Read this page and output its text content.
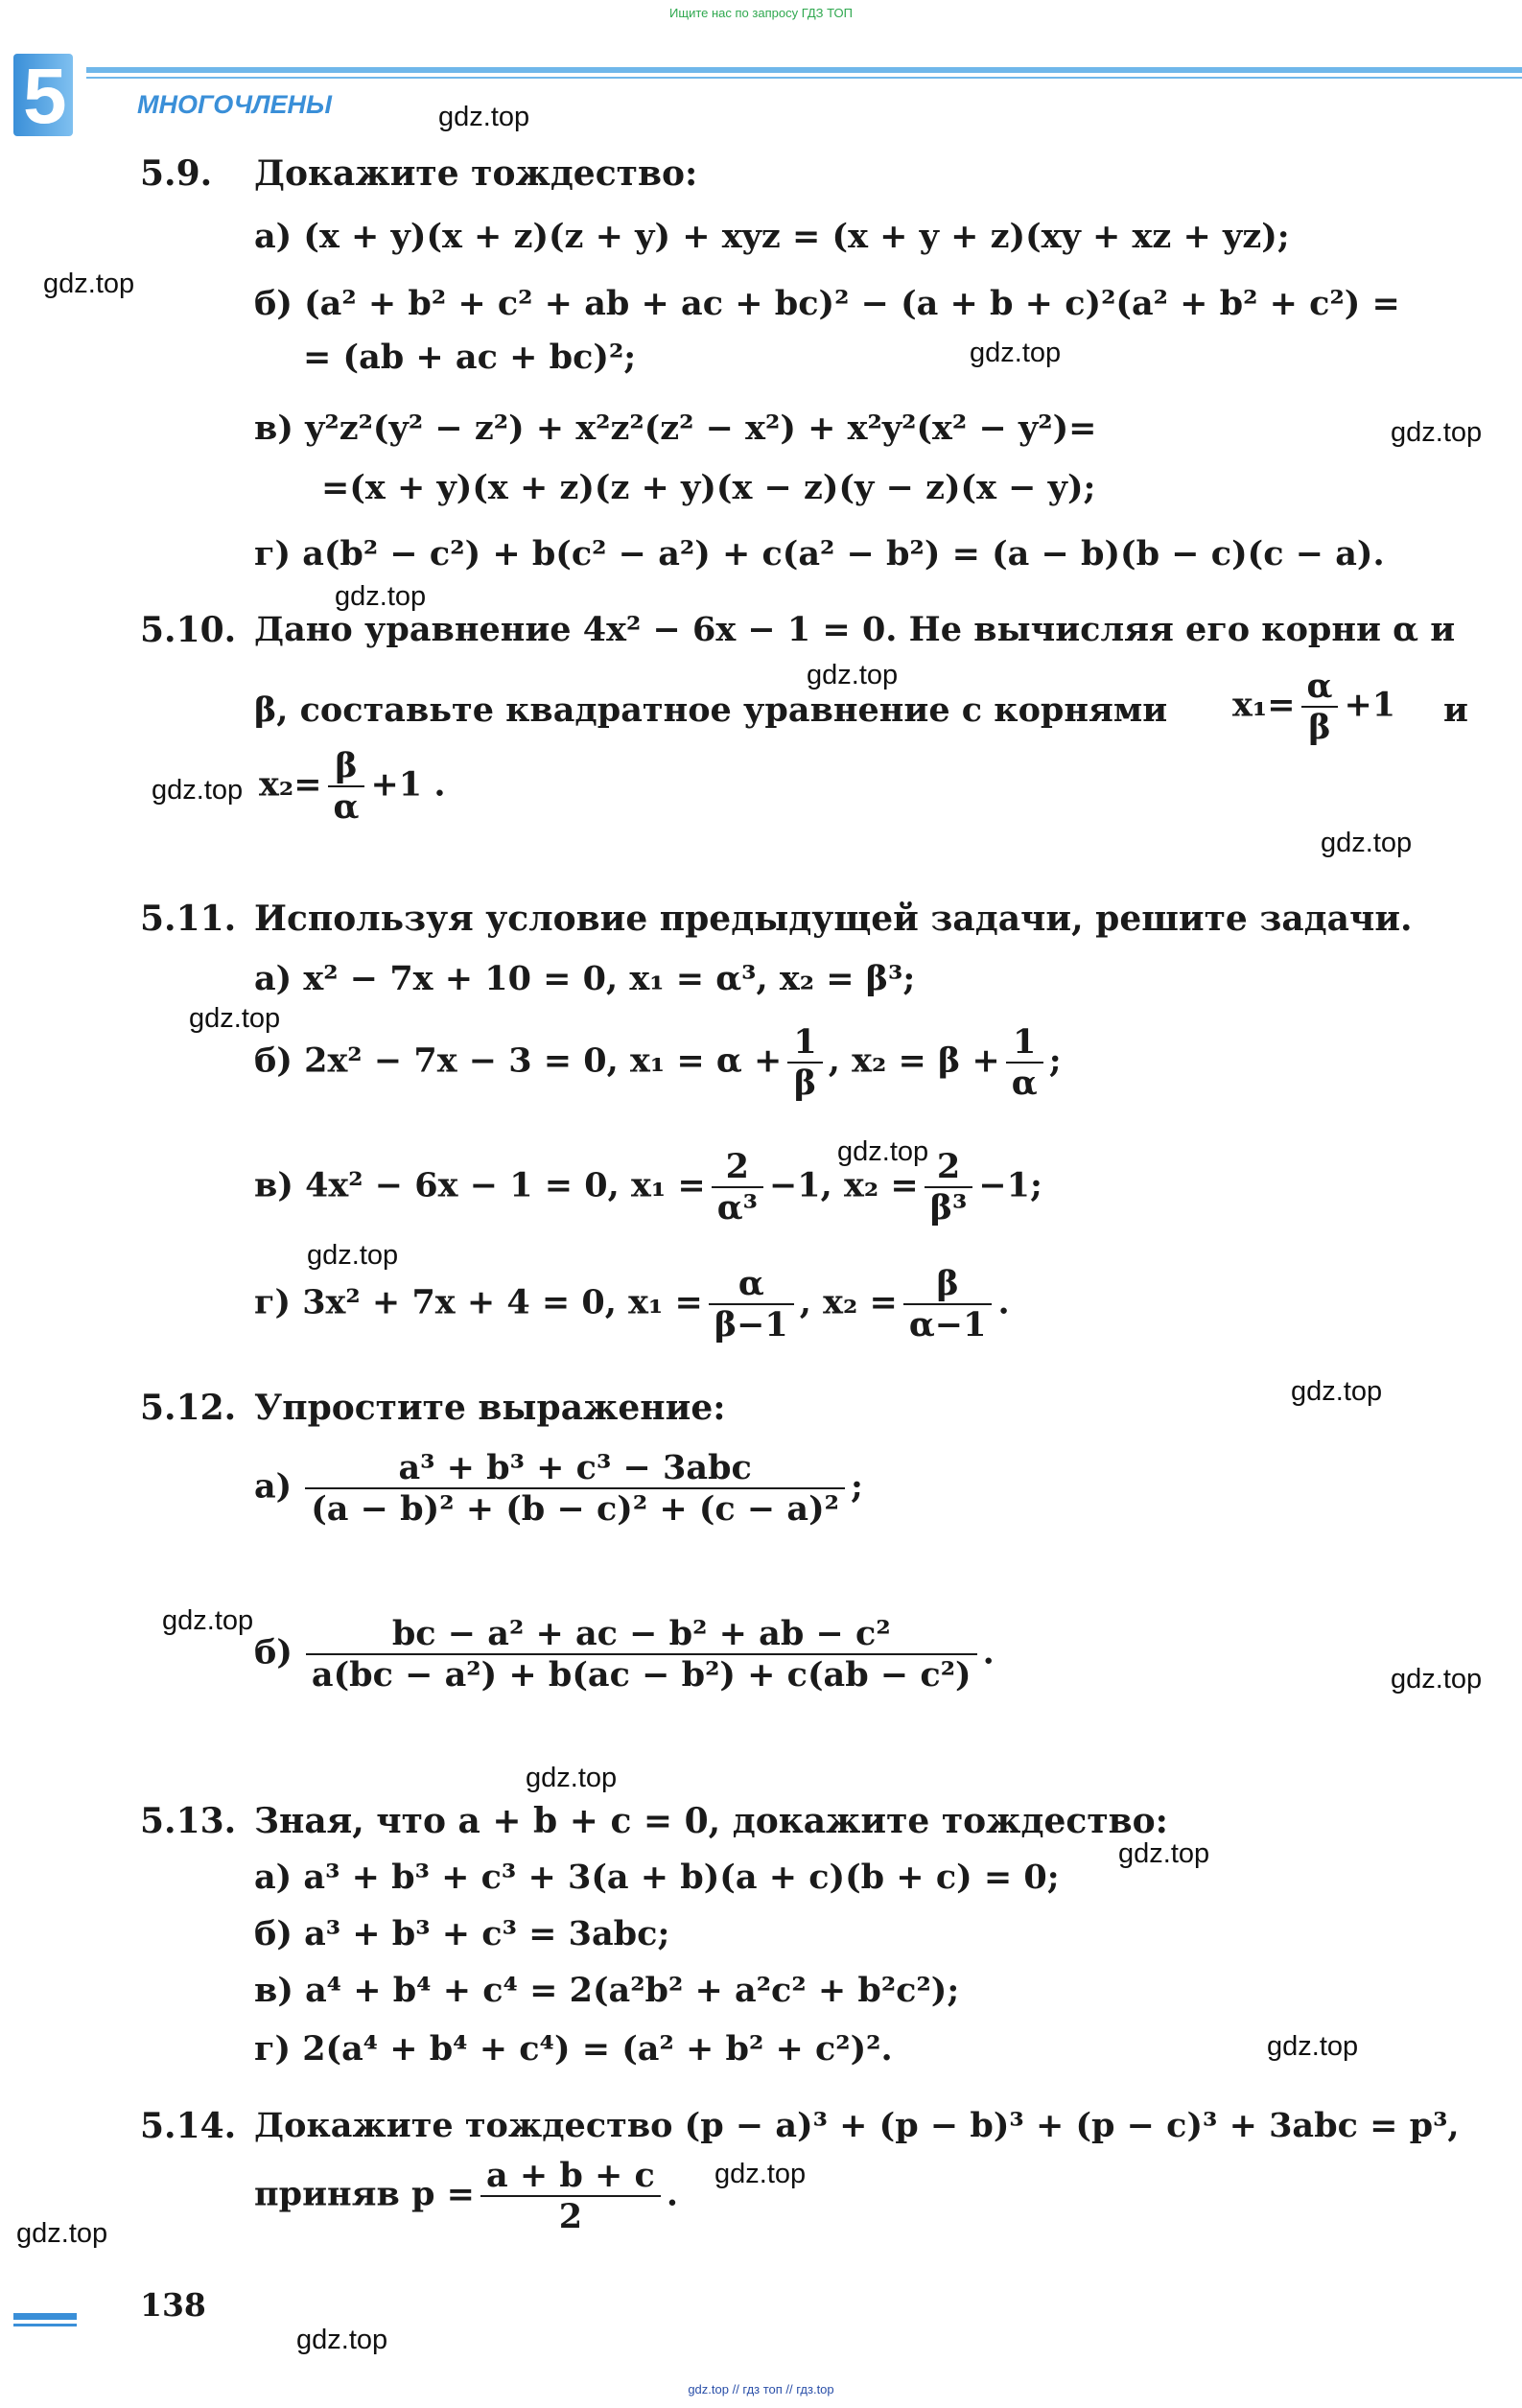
Ищите нас по запросу ГДЗ ТОП
5	МНОГОЧЛЕНЫ	gdz.top
gdz.top
gdz.top
gdz.top
gdz.top
gdz.top
gdz.top
gdz.top
gdz.top
gdz.top
gdz.top
gdz.top
gdz.top
gdz.top
gdz.top
gdz.top
gdz.top
gdz.top
gdz.top
gdz.top
5.9. Докажите тождество:
а) (x + y)(x + z)(z + y) + xyz = (x + y + z)(xy + xz + yz);
б) (a² + b² + c² + ab + ac + bc)² − (a + b + c)²(a² + b² + c²) =
= (ab + ac + bc)²;
в) y²z²(y² − z²) + x²z²(z² − x²) + x²y²(x² − y²)=
=(x + y)(x + z)(z + y)(x − z)(y − z)(x − y);
г) a(b² − c²) + b(c² − a²) + c(a² − b²) = (a − b)(b − c)(c − a).
5.10. Дано уравнение 4x² − 6x − 1 = 0. Не вычисляя его корни α и
β, составьте квадратное уравнение с корнями $x_1= \frac{\alpha}{\beta} +1$ и
$x_2= \frac{\beta}{\alpha} +1$ .
5.11. Используя условие предыдущей задачи, решите задачи.
а) x² − 7x + 10 = 0, x₁ = α³, x₂ = β³;
б) 2x² − 7x − 3 = 0, $x_1 = \alpha + \frac{1}{\beta}$ , $x_2 = \beta + \frac{1}{\alpha}$ ;
в) 4x² − 6x − 1 = 0, $x_1 = \frac{2}{\text{α³}} -1$, $x_2 = \frac{2}{\text{β³}} -1$;
г) 3x² + 7x + 4 = 0, $x_1 = \frac{\alpha}{\beta-1}$ , $x_2 = \frac{\beta}{\alpha-1}$ .
5.12. Упростите выражение:
$а) \frac{\text{a³ + b³ + c³ − 3abc}}{\text{(a − b)² + (b − c)² + (c − a)²}}$ ;
$б) \frac{\text{bc − a² + ac − b² + ab − c²}}{\text{a(bc − a²) + b(ac − b²) + c(ab − c²)}}$ .
5.13. Зная, что a + b + c = 0, докажите тождество:
а) a³ + b³ + c³ + 3(a + b)(a + c)(b + c) = 0;
б) a³ + b³ + c³ = 3abc;
в) a⁴ + b⁴ + c⁴ = 2(a²b² + a²c² + b²c²);
г) 2(a⁴ + b⁴ + c⁴) = (a² + b² + c²)².
5.14. Докажите тождество (p − a)³ + (p − b)³ + (p − c)³ + 3abc = p³,
приняв $p = \frac{a + b + c}{2}$ .
138
gdz.top // гдз топ // гдз.top
